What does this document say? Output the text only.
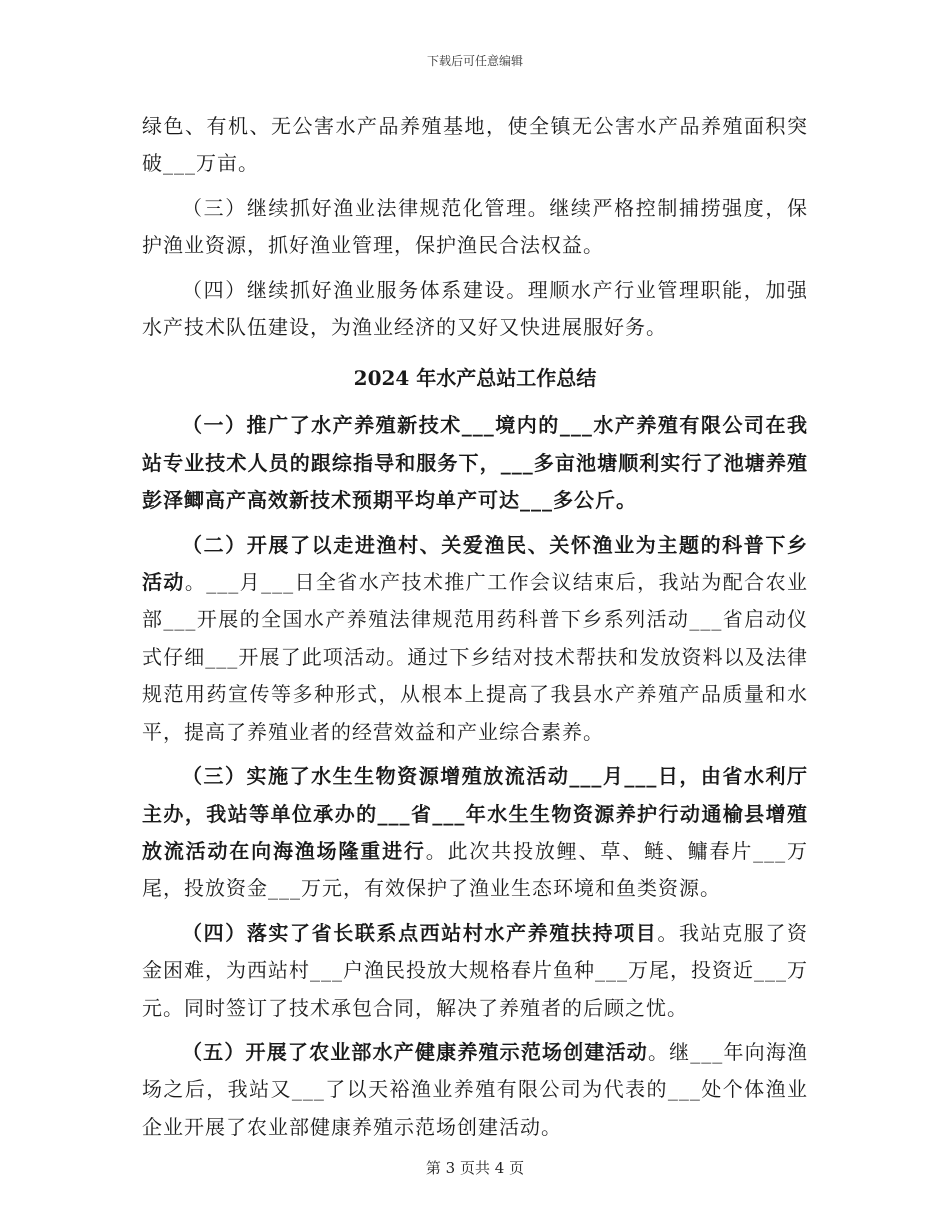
下载后可任意编辑

绿色、有机、无公害水产品养殖基地，使全镇无公害水产品养殖面积突破___万亩。

（三）继续抓好渔业法律规范化管理。继续严格控制捕捞强度，保护渔业资源，抓好渔业管理，保护渔民合法权益。

（四）继续抓好渔业服务体系建设。理顺水产行业管理职能，加强水产技术队伍建设，为渔业经济的又好又快进展服好务。

2024 年水产总站工作总结

（一）推广了水产养殖新技术___境内的___水产养殖有限公司在我站专业技术人员的跟综指导和服务下，___多亩池塘顺利实行了池塘养殖彭泽鲫高产高效新技术预期平均单产可达___多公斤。

（二）开展了以走进渔村、关爱渔民、关怀渔业为主题的科普下乡活动。___月___日全省水产技术推广工作会议结束后，我站为配合农业部___开展的全国水产养殖法律规范用药科普下乡系列活动___省启动仪式仔细___开展了此项活动。通过下乡结对技术帮扶和发放资料以及法律规范用药宣传等多种形式，从根本上提高了我县水产养殖产品质量和水平，提高了养殖业者的经营效益和产业综合素养。

（三）实施了水生生物资源增殖放流活动___月___日，由省水利厅主办，我站等单位承办的___省___年水生生物资源养护行动通榆县增殖放流活动在向海渔场隆重进行。此次共投放鲤、草、鲢、鳙春片___万尾，投放资金___万元，有效保护了渔业生态环境和鱼类资源。

（四）落实了省长联系点西站村水产养殖扶持项目。我站克服了资金困难，为西站村___户渔民投放大规格春片鱼种___万尾，投资近___万元。同时签订了技术承包合同，解决了养殖者的后顾之忧。

（五）开展了农业部水产健康养殖示范场创建活动。继___年向海渔场之后，我站又___了以天裕渔业养殖有限公司为代表的___处个体渔业企业开展了农业部健康养殖示范场创建活动。

第 3 页共 4 页
